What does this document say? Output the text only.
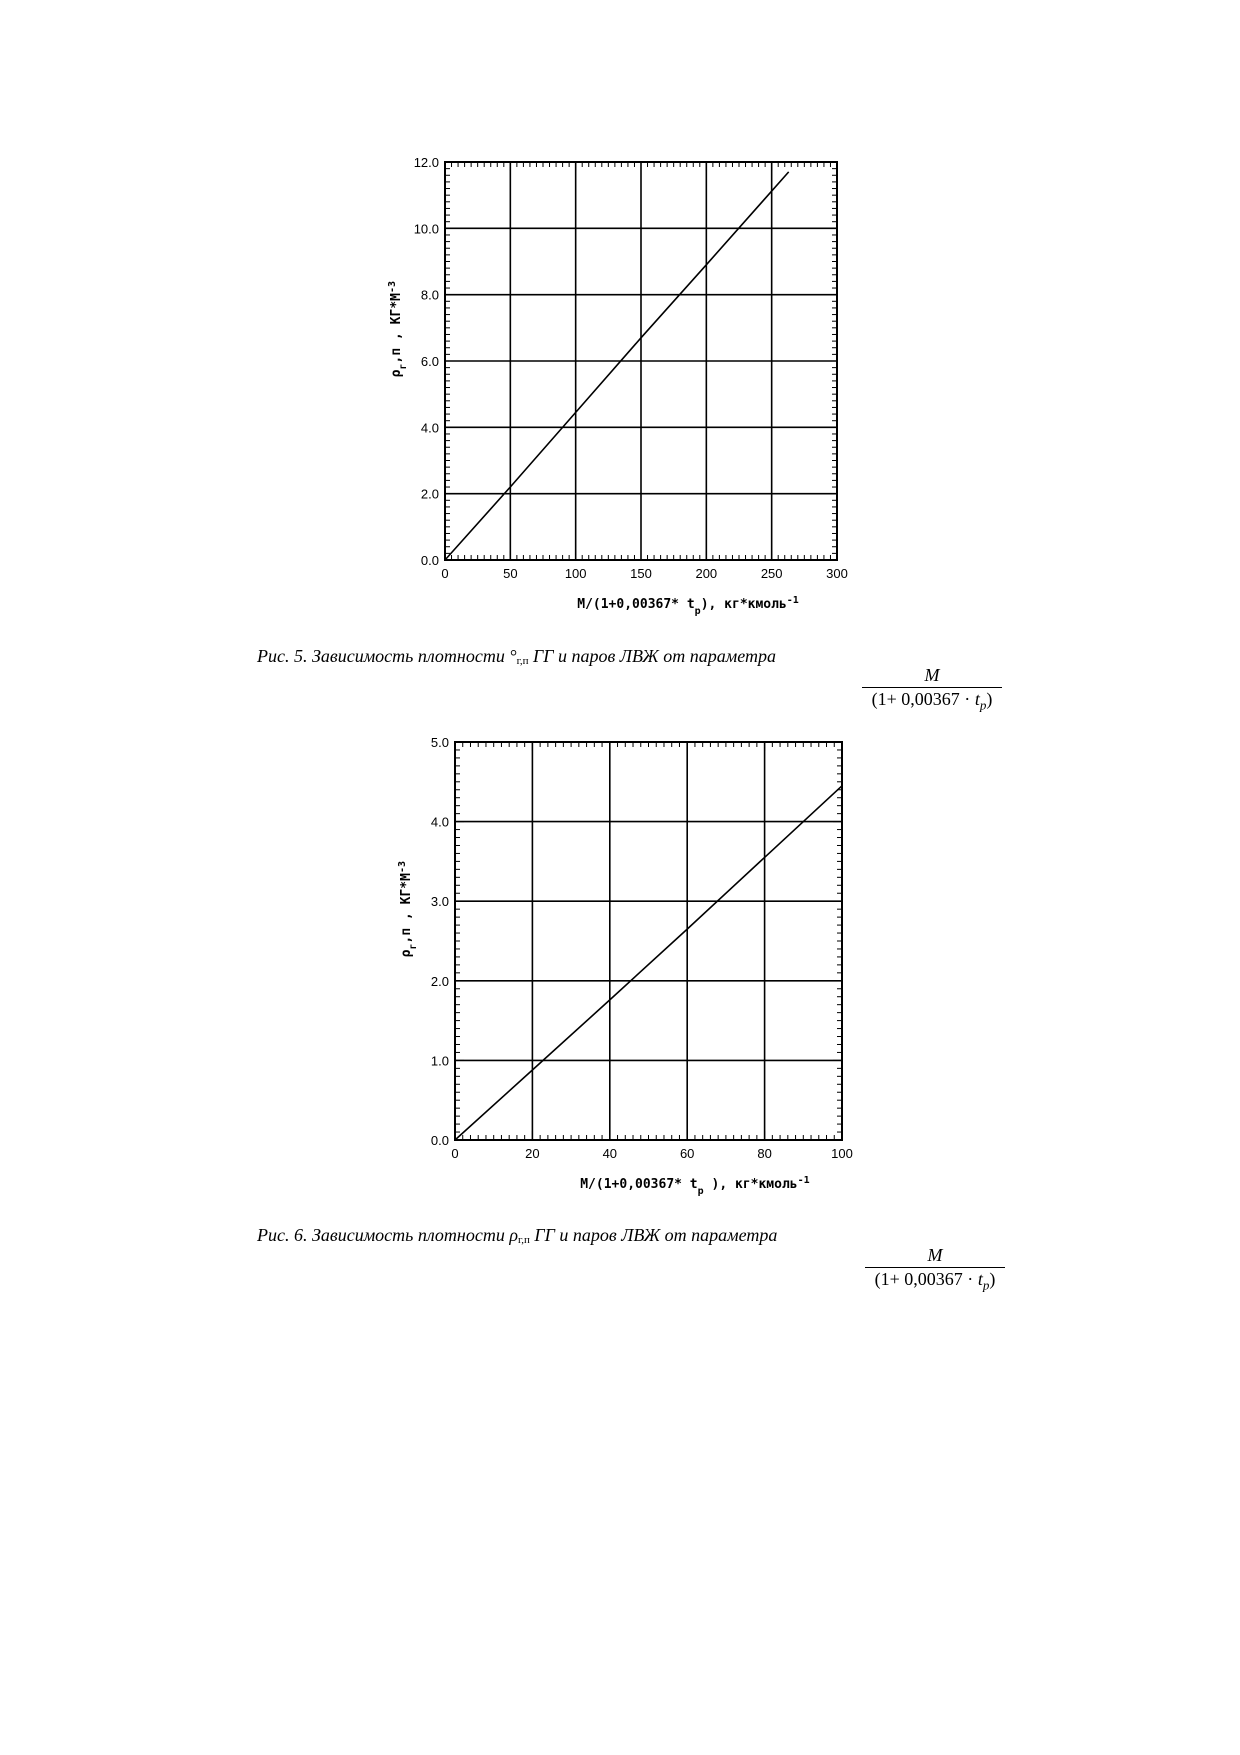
0	50	100	150	200	250	300
0.0
2.0
4.0
6.0
8.0
10.0
12.0
M/(1+0,00367* $t_p$), кг*кмоль$^{-1}$
$\rho_г,п$ , $КГ*М^{-3}$
Рис. 5. Зависимость плотности °г,п ГГ и паров ЛВЖ от параметра
M
$(1+ 0,00367 \cdot t_p)$
0	20	40	60	80	100
0.0
1.0
2.0
3.0
4.0
5.0
M/(1+0,00367* $t_p$ ), кг*кмоль$^{-1}$
$\rho_г,п$ , $КГ*М^{-3}$
Рис. 6. Зависимость плотности ρг,п ГГ и паров ЛВЖ от параметра
M
$(1+ 0,00367 \cdot t_p)$
